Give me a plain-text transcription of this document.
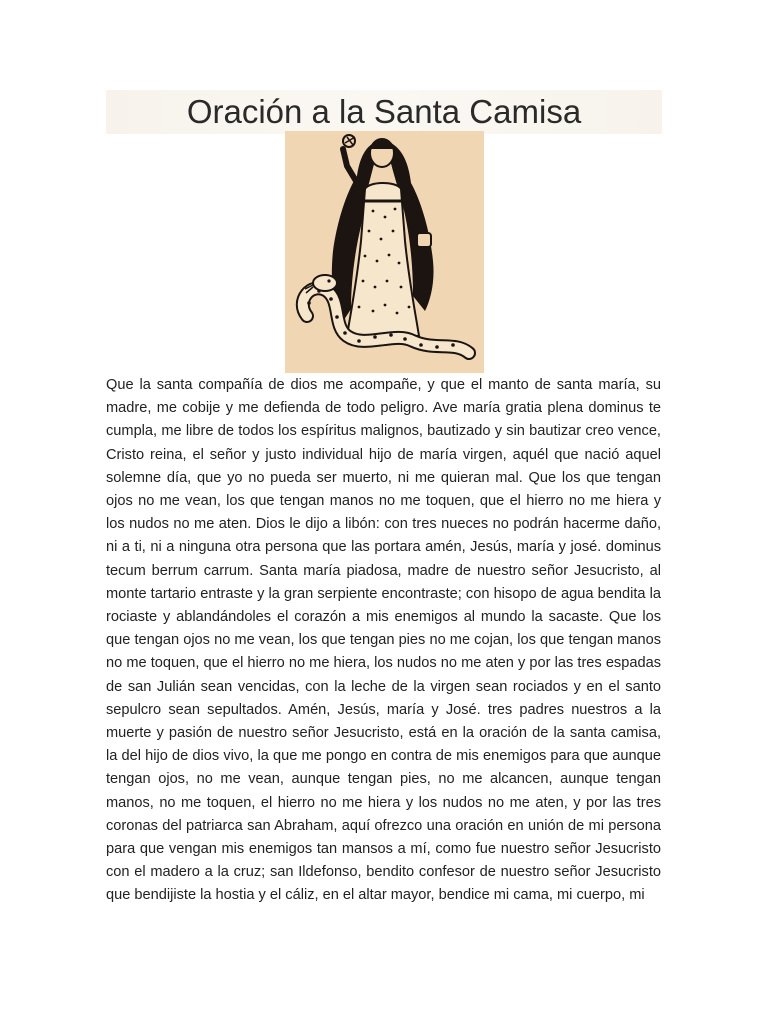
Oración a la Santa Camisa

Que la santa compañía de dios me acompañe, y que el manto de santa maría, su madre, me cobije y me defienda de todo peligro. Ave maría gratia plena dominus te cumpla, me libre de todos los espíritus malignos, bautizado y sin bautizar creo vence, Cristo reina, el señor y justo individual hijo de maría virgen, aquél que nació aquel solemne día, que yo no pueda ser muerto, ni me quieran mal. Que los que tengan ojos no me vean, los que tengan manos no me toquen, que el hierro no me hiera y los nudos no me aten. Dios le dijo a libón: con tres nueces no podrán hacerme daño, ni a ti, ni a ninguna otra persona que las portara amén, Jesús, maría y josé. dominus tecum berrum carrum. Santa maría piadosa, madre de nuestro señor Jesucristo, al monte tartario entraste y la gran serpiente encontraste; con hisopo de agua bendita la rociaste y ablandándoles el corazón a mis enemigos al mundo la sacaste. Que los que tengan ojos no me vean, los que tengan pies no me cojan, los que tengan manos no me toquen, que el hierro no me hiera, los nudos no me aten y por las tres espadas de san Julián sean vencidas, con la leche de la virgen sean rociados y en el santo sepulcro sean sepultados. Amén, Jesús, maría y José. tres padres nuestros a la muerte y pasión de nuestro señor Jesucristo, está en la oración de la santa camisa, la del hijo de dios vivo, la que me pongo en contra de mis enemigos para que aunque tengan ojos, no me vean, aunque tengan pies, no me alcancen, aunque tengan manos, no me toquen, el hierro no me hiera y los nudos no me aten, y por las tres coronas del patriarca san Abraham, aquí ofrezco una oración en unión de mi persona para que vengan mis enemigos tan mansos a mí, como fue nuestro señor Jesucristo con el madero a la cruz; san Ildefonso, bendito confesor de nuestro señor Jesucristo que bendijiste la hostia y el cáliz, en el altar mayor, bendice mi cama, mi cuerpo, mi
